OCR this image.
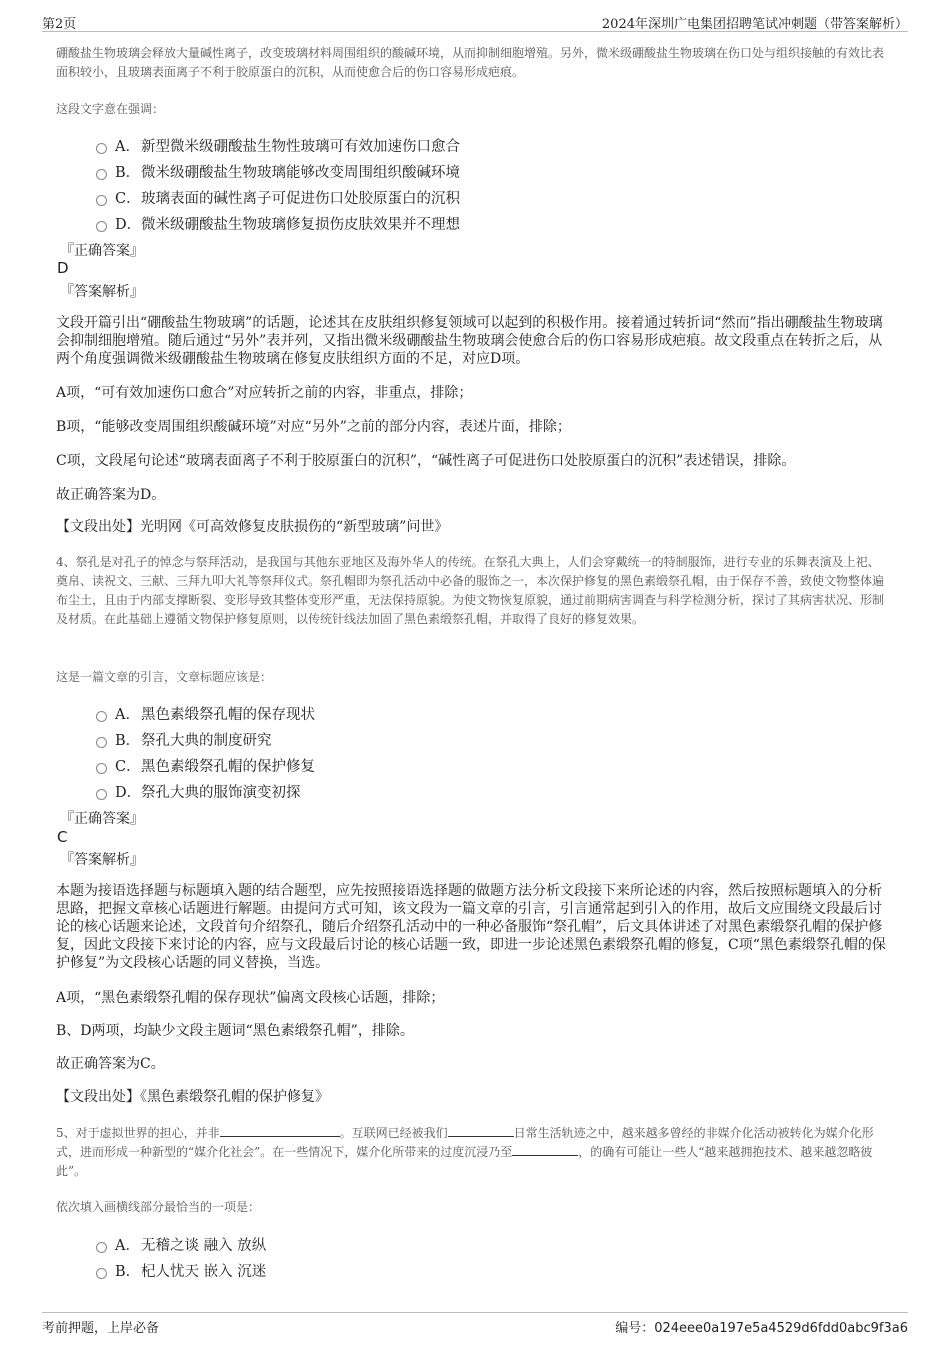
第2页	2024年深圳广电集团招聘笔试冲刺题（带答案解析）
硼酸盐生物玻璃会释放大量碱性离子，改变玻璃材料周围组织的酸碱环境，从而抑制细胞增殖。另外，微米级硼酸盐生物玻璃在伤口处与组织接触的有效比表面积较小，且玻璃表面离子不利于胶原蛋白的沉积，从而使愈合后的伤口容易形成疤痕。
这段文字意在强调：
A．新型微米级硼酸盐生物性玻璃可有效加速伤口愈合
B．微米级硼酸盐生物玻璃能够改变周围组织酸碱环境
C．玻璃表面的碱性离子可促进伤口处胶原蛋白的沉积
D．微米级硼酸盐生物玻璃修复损伤皮肤效果并不理想
『正确答案』
D
『答案解析』
文段开篇引出“硼酸盐生物玻璃”的话题，论述其在皮肤组织修复领域可以起到的积极作用。接着通过转折词“然而”指出硼酸盐生物玻璃会抑制细胞增殖。随后通过“另外”表并列，又指出微米级硼酸盐生物玻璃会使愈合后的伤口容易形成疤痕。故文段重点在转折之后，从两个角度强调微米级硼酸盐生物玻璃在修复皮肤组织方面的不足，对应D项。
A项，“可有效加速伤口愈合”对应转折之前的内容，非重点，排除；
B项，“能够改变周围组织酸碱环境”对应“另外”之前的部分内容，表述片面，排除；
C项，文段尾句论述“玻璃表面离子不利于胶原蛋白的沉积”，“碱性离子可促进伤口处胶原蛋白的沉积”表述错误，排除。
故正确答案为D。
【文段出处】光明网《可高效修复皮肤损伤的“新型玻璃”问世》
4、祭孔是对孔子的悼念与祭拜活动，是我国与其他东亚地区及海外华人的传统。在祭孔大典上，人们会穿戴统一的特制服饰，进行专业的乐舞表演及上祀、奠帛、读祝文、三献、三拜九叩大礼等祭拜仪式。祭孔帽即为祭孔活动中必备的服饰之一，本次保护修复的黑色素缎祭孔帽，由于保存不善，致使文物整体遍布尘土，且由于内部支撑断裂、变形导致其整体变形严重，无法保持原貌。为使文物恢复原貌，通过前期病害调查与科学检测分析，探讨了其病害状况、形制及材质。在此基础上遵循文物保护修复原则，以传统针线法加固了黑色素缎祭孔帽，并取得了良好的修复效果。
这是一篇文章的引言，文章标题应该是：
A．黑色素缎祭孔帽的保存现状
B．祭孔大典的制度研究
C．黑色素缎祭孔帽的保护修复
D．祭孔大典的服饰演变初探
『正确答案』
C
『答案解析』
本题为接语选择题与标题填入题的结合题型，应先按照接语选择题的做题方法分析文段接下来所论述的内容，然后按照标题填入的分析思路，把握文章核心话题进行解题。由提问方式可知，该文段为一篇文章的引言，引言通常起到引入的作用，故后文应围绕文段最后讨论的核心话题来论述，文段首句介绍祭孔，随后介绍祭孔活动中的一种必备服饰“祭孔帽”，后文具体讲述了对黑色素缎祭孔帽的保护修复，因此文段接下来讨论的内容，应与文段最后讨论的核心话题一致，即进一步论述黑色素缎祭孔帽的修复，C项“黑色素缎祭孔帽的保护修复”为文段核心话题的同义替换，当选。
A项，“黑色素缎祭孔帽的保存现状”偏离文段核心话题，排除；
B、D两项，均缺少文段主题词“黑色素缎祭孔帽”，排除。
故正确答案为C。
【文段出处】《黑色素缎祭孔帽的保护修复》
5、对于虚拟世界的担心，并非	。互联网已经被我们	日常生活轨迹之中，越来越多曾经的非媒介化活动被转化为媒介化形式，进而形成一种新型的“媒介化社会”。在一些情况下，媒介化所带来的过度沉浸乃至	，的确有可能让一些人“越来越拥抱技术、越来越忽略彼此”。
依次填入画横线部分最恰当的一项是：
A．无稽之谈 融入 放纵
B．杞人忧天 嵌入 沉迷
考前押题，上岸必备	编号：024eee0a197e5a4529d6fdd0abc9f3a6
